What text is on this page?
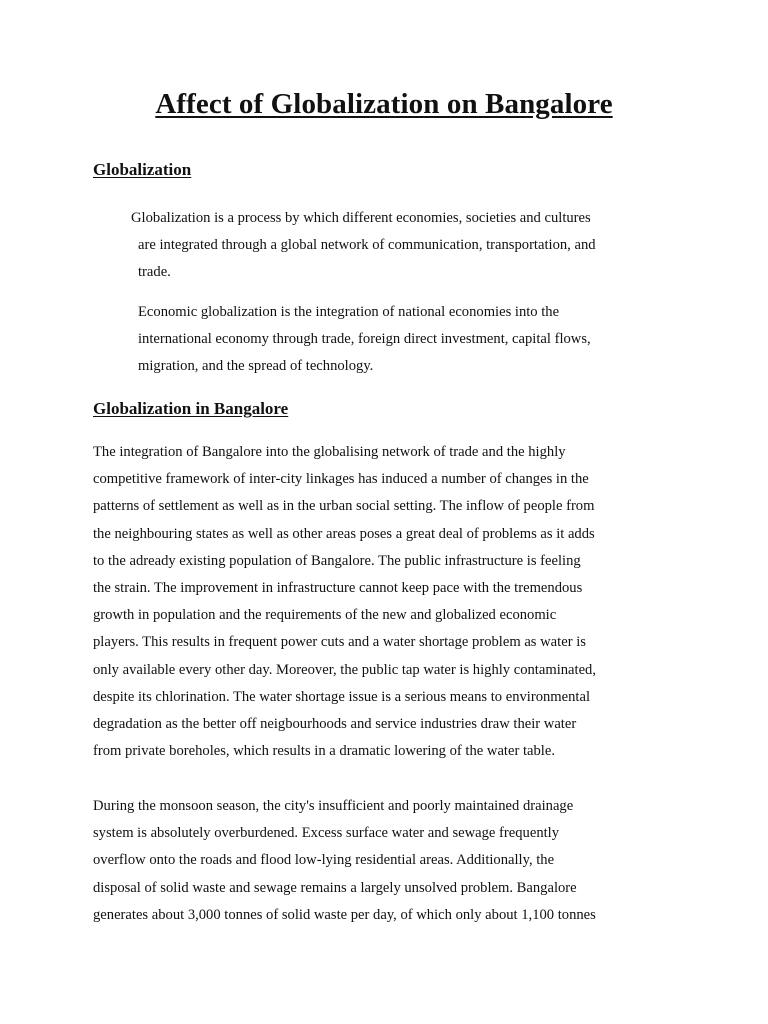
Affect of Globalization on Bangalore
Globalization

Globalization is a process by which different economies, societies and cultures
are integrated through a global network of communication, transportation, and
trade.

Economic globalization is the integration of national economies into the
international economy through trade, foreign direct investment, capital flows,
migration, and the spread of technology.

Globalization in Bangalore

The integration of Bangalore into the globalising network of trade and the highly
competitive framework of inter-city linkages has induced a number of changes in the
patterns of settlement as well as in the urban social setting. The inflow of people from
the neighbouring states as well as other areas poses a great deal of problems as it adds
to the adready existing population of Bangalore. The public infrastructure is feeling
the strain. The improvement in infrastructure cannot keep pace with the tremendous
growth in population and the requirements of the new and globalized economic
players. This results in frequent power cuts and a water shortage problem as water is
only available every other day. Moreover, the public tap water is highly contaminated,
despite its chlorination. The water shortage issue is a serious means to environmental
degradation as the better off neigbourhoods and service industries draw their water
from private boreholes, which results in a dramatic lowering of the water table.

During the monsoon season, the city's insufficient and poorly maintained drainage
system is absolutely overburdened. Excess surface water and sewage frequently
overflow onto the roads and flood low-lying residential areas. Additionally, the
disposal of solid waste and sewage remains a largely unsolved problem. Bangalore
generates about 3,000 tonnes of solid waste per day, of which only about 1,100 tonnes
